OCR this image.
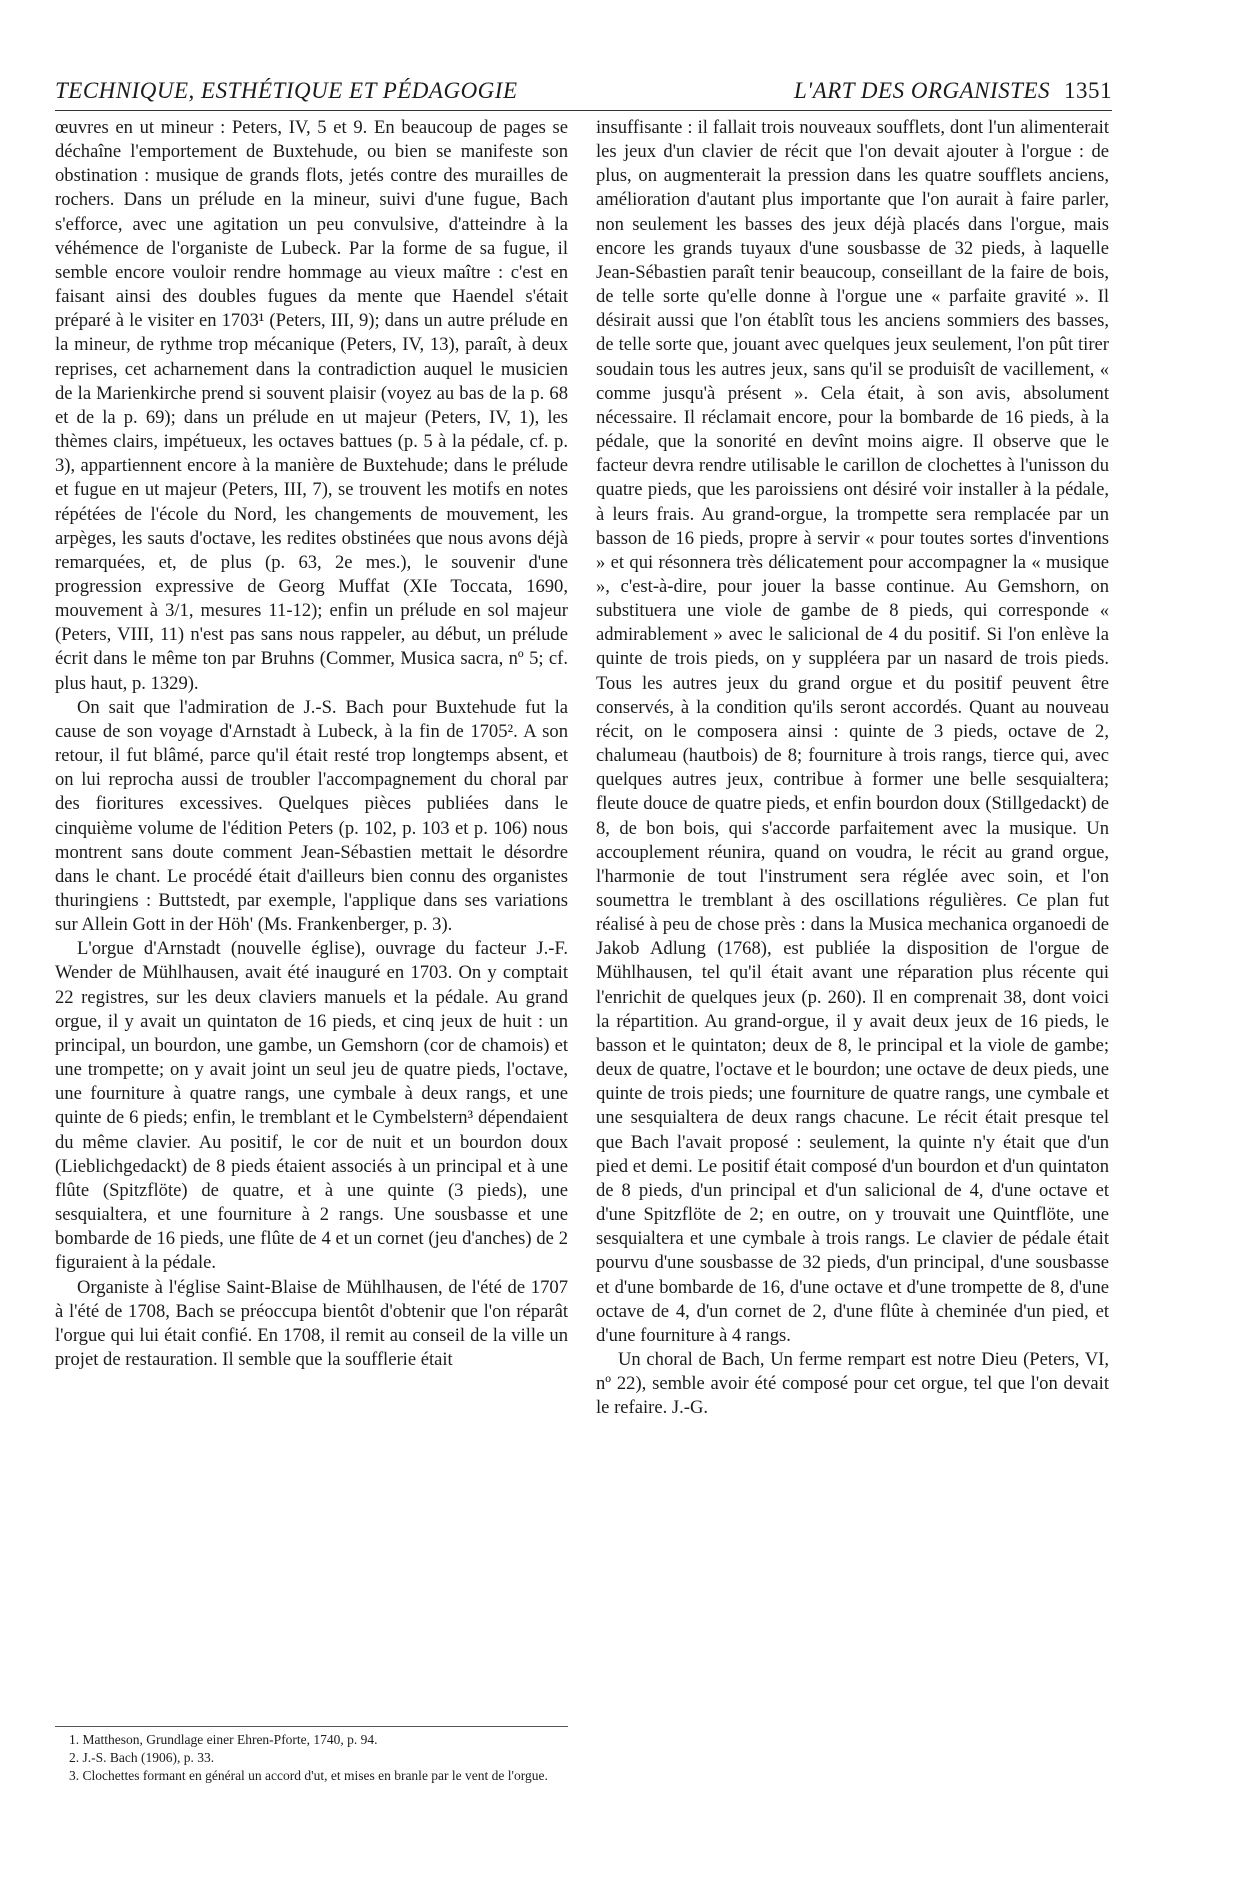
TECHNIQUE, ESTHÉTIQUE ET PÉDAGOGIE	L'ART DES ORGANISTES 1351

œuvres en ut mineur : Peters, IV, 5 et 9. En beaucoup de pages se déchaîne l'emportement de Buxtehude, ou bien se manifeste son obstination : musique de grands flots, jetés contre des murailles de rochers. Dans un prélude en la mineur, suivi d'une fugue, Bach s'efforce, avec une agitation un peu convulsive, d'atteindre à la véhémence de l'organiste de Lubeck. Par la forme de sa fugue, il semble encore vouloir rendre hommage au vieux maître : c'est en faisant ainsi des doubles fugues da mente que Haendel s'était préparé à le visiter en 1703¹ (Peters, III, 9); dans un autre prélude en la mineur, de rythme trop mécanique (Peters, IV, 13), paraît, à deux reprises, cet acharnement dans la contradiction auquel le musicien de la Marienkirche prend si souvent plaisir (voyez au bas de la p. 68 et de la p. 69); dans un prélude en ut majeur (Peters, IV, 1), les thèmes clairs, impétueux, les octaves battues (p. 5 à la pédale, cf. p. 3), appartiennent encore à la manière de Buxtehude; dans le prélude et fugue en ut majeur (Peters, III, 7), se trouvent les motifs en notes répétées de l'école du Nord, les changements de mouvement, les arpèges, les sauts d'octave, les redites obstinées que nous avons déjà remarquées, et, de plus (p. 63, 2e mes.), le souvenir d'une progression expressive de Georg Muffat (XIe Toccata, 1690, mouvement à 3/1, mesures 11-12); enfin un prélude en sol majeur (Peters, VIII, 11) n'est pas sans nous rappeler, au début, un prélude écrit dans le même ton par Bruhns (Commer, Musica sacra, nº 5; cf. plus haut, p. 1329).

On sait que l'admiration de J.-S. Bach pour Buxtehude fut la cause de son voyage d'Arnstadt à Lubeck, à la fin de 1705². A son retour, il fut blâmé, parce qu'il était resté trop longtemps absent, et on lui reprocha aussi de troubler l'accompagnement du choral par des fioritures excessives. Quelques pièces publiées dans le cinquième volume de l'édition Peters (p. 102, p. 103 et p. 106) nous montrent sans doute comment Jean-Sébastien mettait le désordre dans le chant. Le procédé était d'ailleurs bien connu des organistes thuringiens : Buttstedt, par exemple, l'applique dans ses variations sur Allein Gott in der Höh' (Ms. Frankenberger, p. 3).

L'orgue d'Arnstadt (nouvelle église), ouvrage du facteur J.-F. Wender de Mühlhausen, avait été inauguré en 1703. On y comptait 22 registres, sur les deux claviers manuels et la pédale. Au grand orgue, il y avait un quintaton de 16 pieds, et cinq jeux de huit : un principal, un bourdon, une gambe, un Gemshorn (cor de chamois) et une trompette; on y avait joint un seul jeu de quatre pieds, l'octave, une fourniture à quatre rangs, une cymbale à deux rangs, et une quinte de 6 pieds; enfin, le tremblant et le Cymbelstern³ dépendaient du même clavier. Au positif, le cor de nuit et un bourdon doux (Lieblichgedackt) de 8 pieds étaient associés à un principal et à une flûte (Spitzflöte) de quatre, et à une quinte (3 pieds), une sesquialtera, et une fourniture à 2 rangs. Une sousbasse et une bombarde de 16 pieds, une flûte de 4 et un cornet (jeu d'anches) de 2 figuraient à la pédale.

Organiste à l'église Saint-Blaise de Mühlhausen, de l'été de 1707 à l'été de 1708, Bach se préoccupa bientôt d'obtenir que l'on réparât l'orgue qui lui était confié. En 1708, il remit au conseil de la ville un projet de restauration. Il semble que la soufflerie était

1. Mattheson, Grundlage einer Ehren-Pforte, 1740, p. 94.

2. J.-S. Bach (1906), p. 33.

3. Clochettes formant en général un accord d'ut, et mises en branle par le vent de l'orgue.

insuffisante : il fallait trois nouveaux soufflets, dont l'un alimenterait les jeux d'un clavier de récit que l'on devait ajouter à l'orgue : de plus, on augmenterait la pression dans les quatre soufflets anciens, amélioration d'autant plus importante que l'on aurait à faire parler, non seulement les basses des jeux déjà placés dans l'orgue, mais encore les grands tuyaux d'une sousbasse de 32 pieds, à laquelle Jean-Sébastien paraît tenir beaucoup, conseillant de la faire de bois, de telle sorte qu'elle donne à l'orgue une « parfaite gravité ». Il désirait aussi que l'on établît tous les anciens sommiers des basses, de telle sorte que, jouant avec quelques jeux seulement, l'on pût tirer soudain tous les autres jeux, sans qu'il se produisît de vacillement, « comme jusqu'à présent ». Cela était, à son avis, absolument nécessaire. Il réclamait encore, pour la bombarde de 16 pieds, à la pédale, que la sonorité en devînt moins aigre. Il observe que le facteur devra rendre utilisable le carillon de clochettes à l'unisson du quatre pieds, que les paroissiens ont désiré voir installer à la pédale, à leurs frais. Au grand-orgue, la trompette sera remplacée par un basson de 16 pieds, propre à servir « pour toutes sortes d'inventions » et qui résonnera très délicatement pour accompagner la « musique », c'est-à-dire, pour jouer la basse continue. Au Gemshorn, on substituera une viole de gambe de 8 pieds, qui corresponde « admirablement » avec le salicional de 4 du positif. Si l'on enlève la quinte de trois pieds, on y suppléera par un nasard de trois pieds. Tous les autres jeux du grand orgue et du positif peuvent être conservés, à la condition qu'ils seront accordés. Quant au nouveau récit, on le composera ainsi : quinte de 3 pieds, octave de 2, chalumeau (hautbois) de 8; fourniture à trois rangs, tierce qui, avec quelques autres jeux, contribue à former une belle sesquialtera; fleute douce de quatre pieds, et enfin bourdon doux (Stillgedackt) de 8, de bon bois, qui s'accorde parfaitement avec la musique. Un accouplement réunira, quand on voudra, le récit au grand orgue, l'harmonie de tout l'instrument sera réglée avec soin, et l'on soumettra le tremblant à des oscillations régulières. Ce plan fut réalisé à peu de chose près : dans la Musica mechanica organoedi de Jakob Adlung (1768), est publiée la disposition de l'orgue de Mühlhausen, tel qu'il était avant une réparation plus récente qui l'enrichit de quelques jeux (p. 260). Il en comprenait 38, dont voici la répartition. Au grand-orgue, il y avait deux jeux de 16 pieds, le basson et le quintaton; deux de 8, le principal et la viole de gambe; deux de quatre, l'octave et le bourdon; une octave de deux pieds, une quinte de trois pieds; une fourniture de quatre rangs, une cymbale et une sesquialtera de deux rangs chacune. Le récit était presque tel que Bach l'avait proposé : seulement, la quinte n'y était que d'un pied et demi. Le positif était composé d'un bourdon et d'un quintaton de 8 pieds, d'un principal et d'un salicional de 4, d'une octave et d'une Spitzflöte de 2; en outre, on y trouvait une Quintflöte, une sesquialtera et une cymbale à trois rangs. Le clavier de pédale était pourvu d'une sousbasse de 32 pieds, d'un principal, d'une sousbasse et d'une bombarde de 16, d'une octave et d'une trompette de 8, d'une octave de 4, d'un cornet de 2, d'une flûte à cheminée d'un pied, et d'une fourniture à 4 rangs.

Un choral de Bach, Un ferme rempart est notre Dieu (Peters, VI, nº 22), semble avoir été composé pour cet orgue, tel que l'on devait le refaire. J.-G.
